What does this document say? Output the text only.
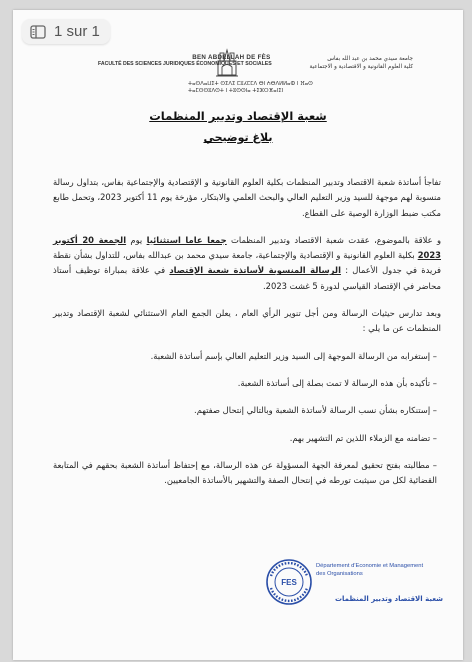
BEN ABDELLAH DE FÈS
FACULTÉ DES SCIENCES JURIDIQUES ÉCONOMIQUES ET SOCIALES
جامعة سيدي محمد بن عبد الله بفاس
كلية العلوم القانونية و الاقتصادية و الاجتماعية
ⵜⴰⵙⴷⴰⵡⵉⵜ ⵙⵉⴷⵉ ⵎⵓⵃⵎⵎⴷ ⴱⵏ ⵄⴱⴷⵍⵍⴰⵀ ⵏ ⴼⴰⵙ
ⵜⴰⵎⵙⵙⵓⴷⵙⵜ ⵏ ⵜⵓⵙⵙⵏⴰ ⵜⵉⵣⵔⴼⴰⵏⵉⵏ
شعبة الإقتصاد وتدبير المنظمات
بلاغ توضيحي

تفاجأ أساتذة شعبة الاقتصاد وتدبير المنظمات بكلية العلوم القانونية و الإقتصادية والإجتماعية بفاس، بتداول رسالة منسوبة لهم موجهة للسيد وزير التعليم العالي والبحث العلمي والابتكار، مؤرخة يوم 11 أكتوبر 2023، وتحمل طابع مكتب ضبط الوزارة الوصية على القطاع.

و علاقة بالموضوع، عقدت شعبة الاقتصاد وتدبير المنظمات جمعا عاما استثنائيا يوم الجمعة 20 أكتوبر 2023 بكلية العلوم القانونية و الإقتصادية والإجتماعية، جامعة سيدي محمد بن عبدالله بفاس، للتداول بشأن نقطة فريدة في جدول الأعمال : الرسالة المنسوبة لأساتذة شعبة الإقتصاد في علاقة بمباراة توظيف أستاذ محاضر في الإقتصاد القياسي لدورة 5 غشت 2023.

وبعد تدارس حيثيات الرسالة ومن أجل تنوير الرأي العام ، يعلن الجمع العام الاستثنائي لشعبة الإقتصاد وتدبير المنظمات عن ما يلي :

– إستغرابه من الرسالة الموجهة إلى السيد وزير التعليم العالي بإسم أساتذة الشعبة.
– تأكيده بأن هذه الرسالة لا تمت بصلة إلى أساتذة الشعبة.
– إستنكاره بشأن نسب الرسالة لأساتذة الشعبة وبالتالي إنتحال صفتهم.
– تضامنه مع الزملاء اللذين تم التشهير بهم.
– مطالبته بفتح تحقيق لمعرفة الجهة المسؤولة عن هذه الرسالة، مع إحتفاظ أساتذة الشعبة بحقهم في المتابعة القضائية لكل من سيثبت تورطه في إنتحال الصفة والتشهير بالأساتذة الجامعيين.
FES
Département d'Economie et Management
des Organisations
شعبة الاقتصاد وتدبير المنظمات
1 sur 1
